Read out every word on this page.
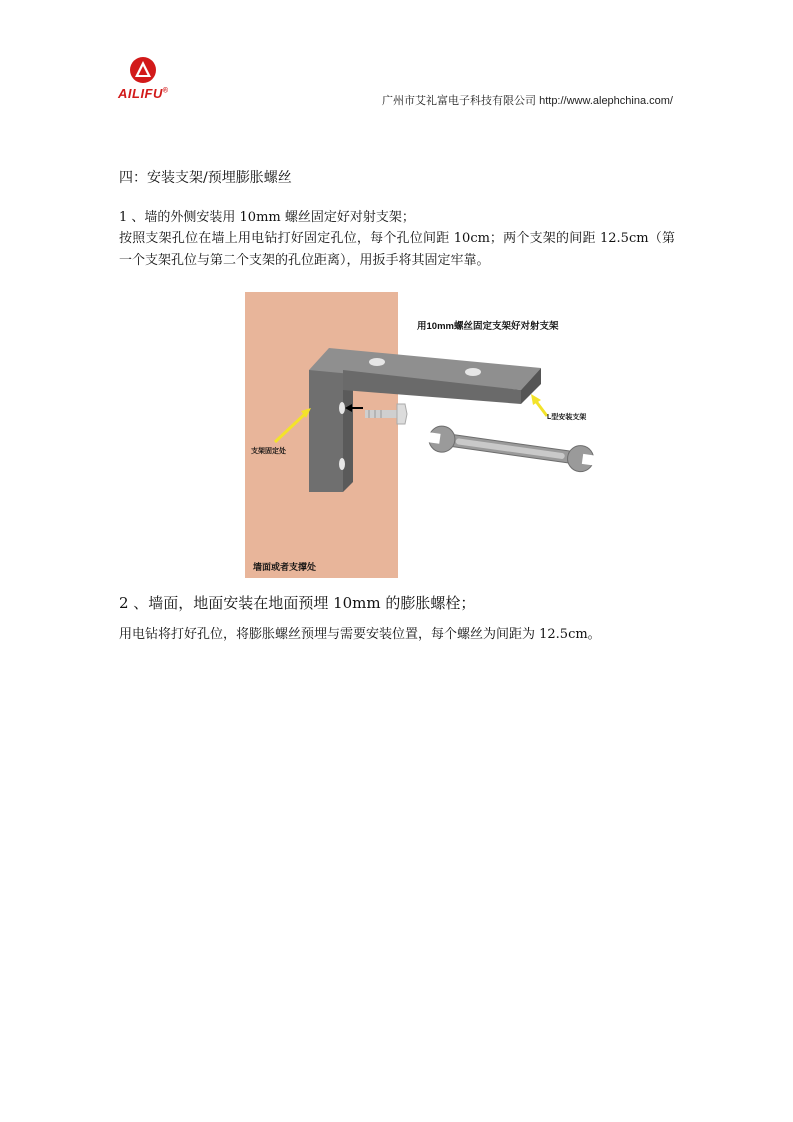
AILIFU®
广州市艾礼富电子科技有限公司 http://www.alephchina.com/
四：安装支架/预埋膨胀螺丝
1 、墙的外侧安装用 10mm 螺丝固定好对射支架；
按照支架孔位在墙上用电钻打好固定孔位，每个孔位间距 10cm；两个支架的间距 12.5cm（第一个支架孔位与第二个支架的孔位距离），用扳手将其固定牢靠。
用10mm螺丝固定支架好对射支架
L型安装支架
支架固定处
墙面或者支撑处
2 、墙面，地面安装在地面预埋 10mm 的膨胀螺栓；
用电钻将打好孔位，将膨胀螺丝预埋与需要安装位置，每个螺丝为间距为 12.5cm。
